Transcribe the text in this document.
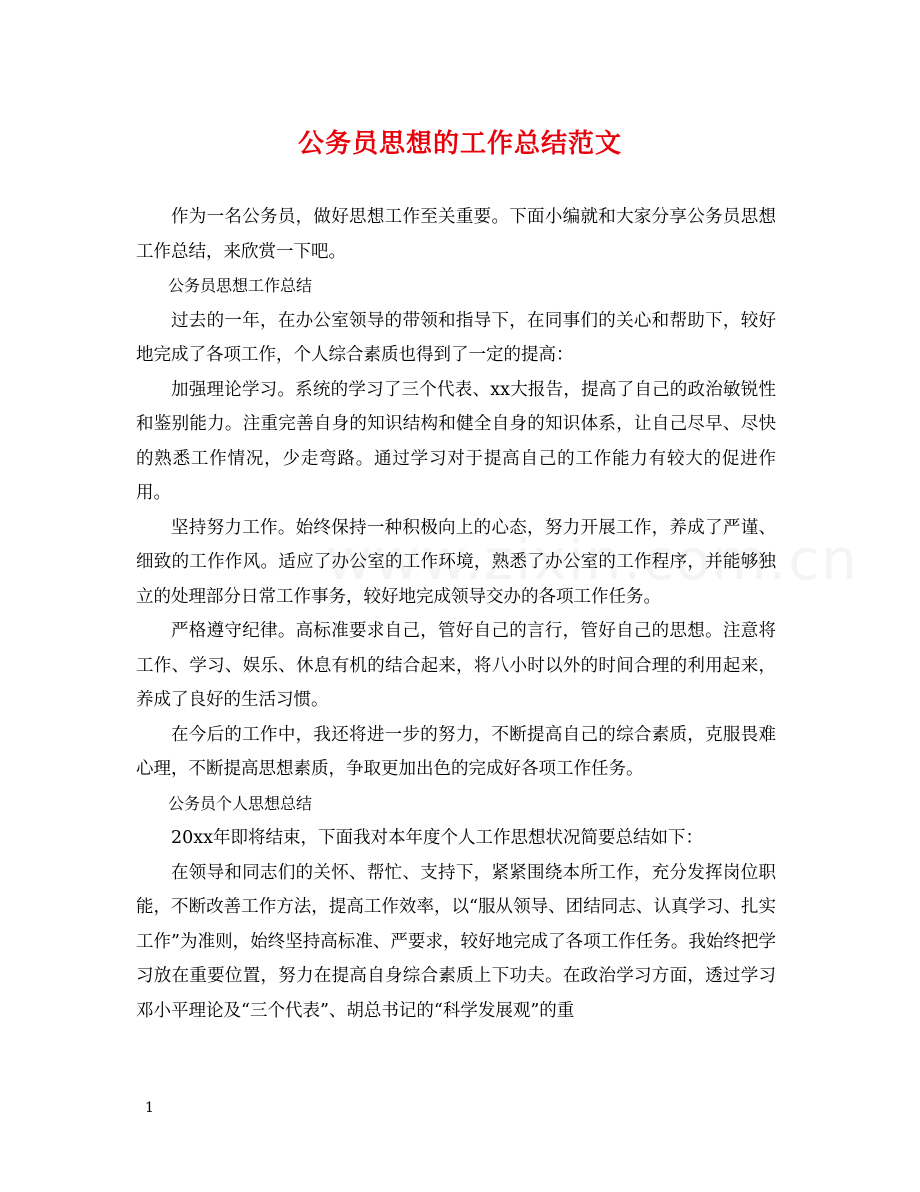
公务员思想的工作总结范文

作为一名公务员，做好思想工作至关重要。下面小编就和大家分享公务员思想工作总结，来欣赏一下吧。

公务员思想工作总结

过去的一年，在办公室领导的带领和指导下，在同事们的关心和帮助下，较好地完成了各项工作，个人综合素质也得到了一定的提高：

加强理论学习。系统的学习了三个代表、xx大报告，提高了自己的政治敏锐性和鉴别能力。注重完善自身的知识结构和健全自身的知识体系，让自己尽早、尽快的熟悉工作情况，少走弯路。通过学习对于提高自己的工作能力有较大的促进作用。

坚持努力工作。始终保持一种积极向上的心态，努力开展工作，养成了严谨、细致的工作作风。适应了办公室的工作环境，熟悉了办公室的工作程序，并能够独立的处理部分日常工作事务，较好地完成领导交办的各项工作任务。

严格遵守纪律。高标准要求自己，管好自己的言行，管好自己的思想。注意将工作、学习、娱乐、休息有机的结合起来，将八小时以外的时间合理的利用起来，养成了良好的生活习惯。

在今后的工作中，我还将进一步的努力，不断提高自己的综合素质，克服畏难心理，不断提高思想素质，争取更加出色的完成好各项工作任务。

公务员个人思想总结

20xx年即将结束，下面我对本年度个人工作思想状况简要总结如下：

在领导和同志们的关怀、帮忙、支持下，紧紧围绕本所工作，充分发挥岗位职能，不断改善工作方法，提高工作效率，以“服从领导、团结同志、认真学习、扎实工作”为准则，始终坚持高标准、严要求，较好地完成了各项工作任务。我始终把学习放在重要位置，努力在提高自身综合素质上下功夫。在政治学习方面，透过学习邓小平理论及“三个代表”、胡总书记的“科学发展观”的重

1
